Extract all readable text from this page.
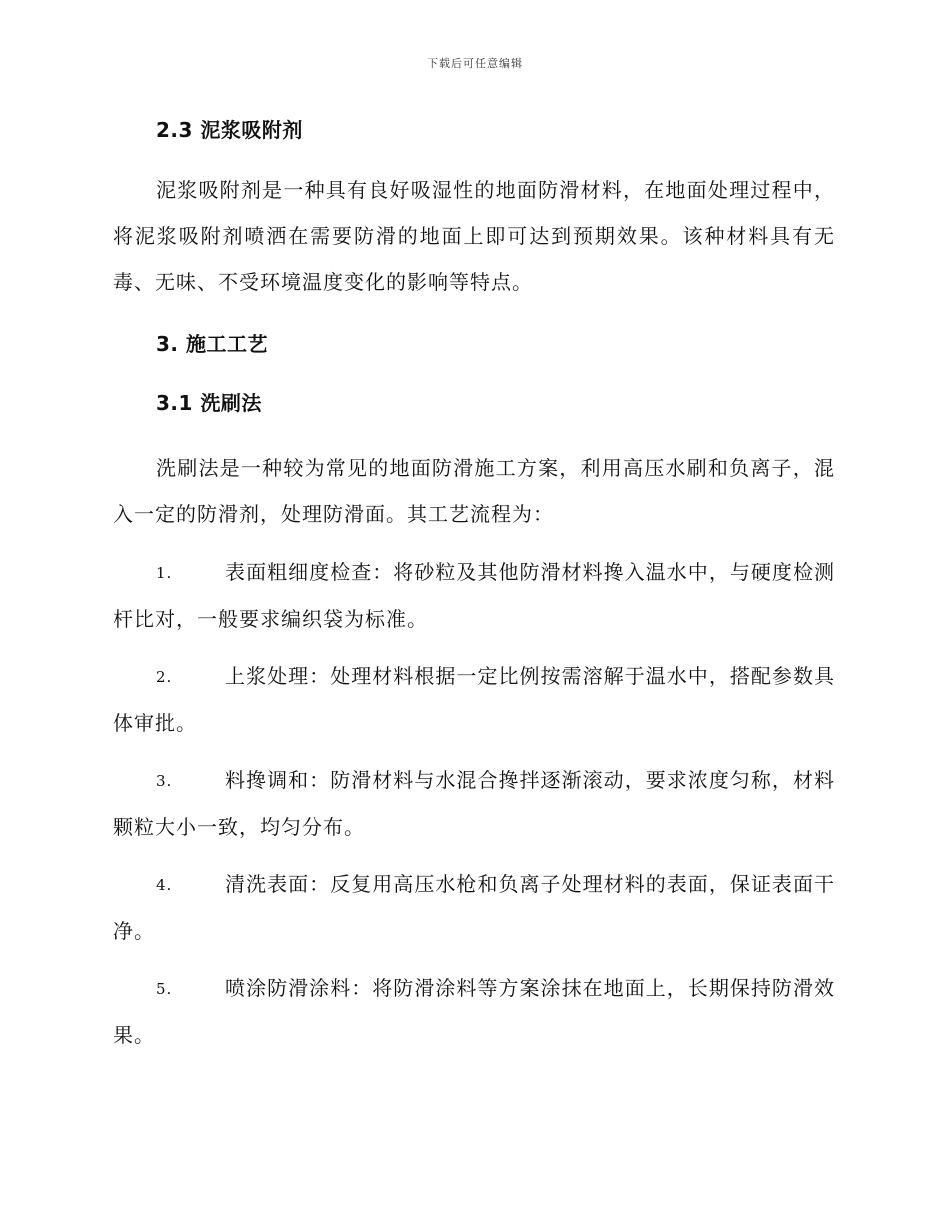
下载后可任意编辑
2.3 泥浆吸附剂

泥浆吸附剂是一种具有良好吸湿性的地面防滑材料，在地面处理过程中，将泥浆吸附剂喷洒在需要防滑的地面上即可达到预期效果。该种材料具有无毒、无味、不受环境温度变化的影响等特点。

3. 施工工艺
3.1 洗刷法

洗刷法是一种较为常见的地面防滑施工方案，利用高压水刷和负离子，混入一定的防滑剂，处理防滑面。其工艺流程为：

1.	表面粗细度检查：将砂粒及其他防滑材料搀入温水中，与硬度检测杆比对，一般要求编织袋为标准。

2.	上浆处理：处理材料根据一定比例按需溶解于温水中，搭配参数具体审批。

3.	料搀调和：防滑材料与水混合搀拌逐渐滚动，要求浓度匀称，材料颗粒大小一致，均匀分布。

4.	清洗表面：反复用高压水枪和负离子处理材料的表面，保证表面干净。

5.	喷涂防滑涂料：将防滑涂料等方案涂抹在地面上，长期保持防滑效果。
